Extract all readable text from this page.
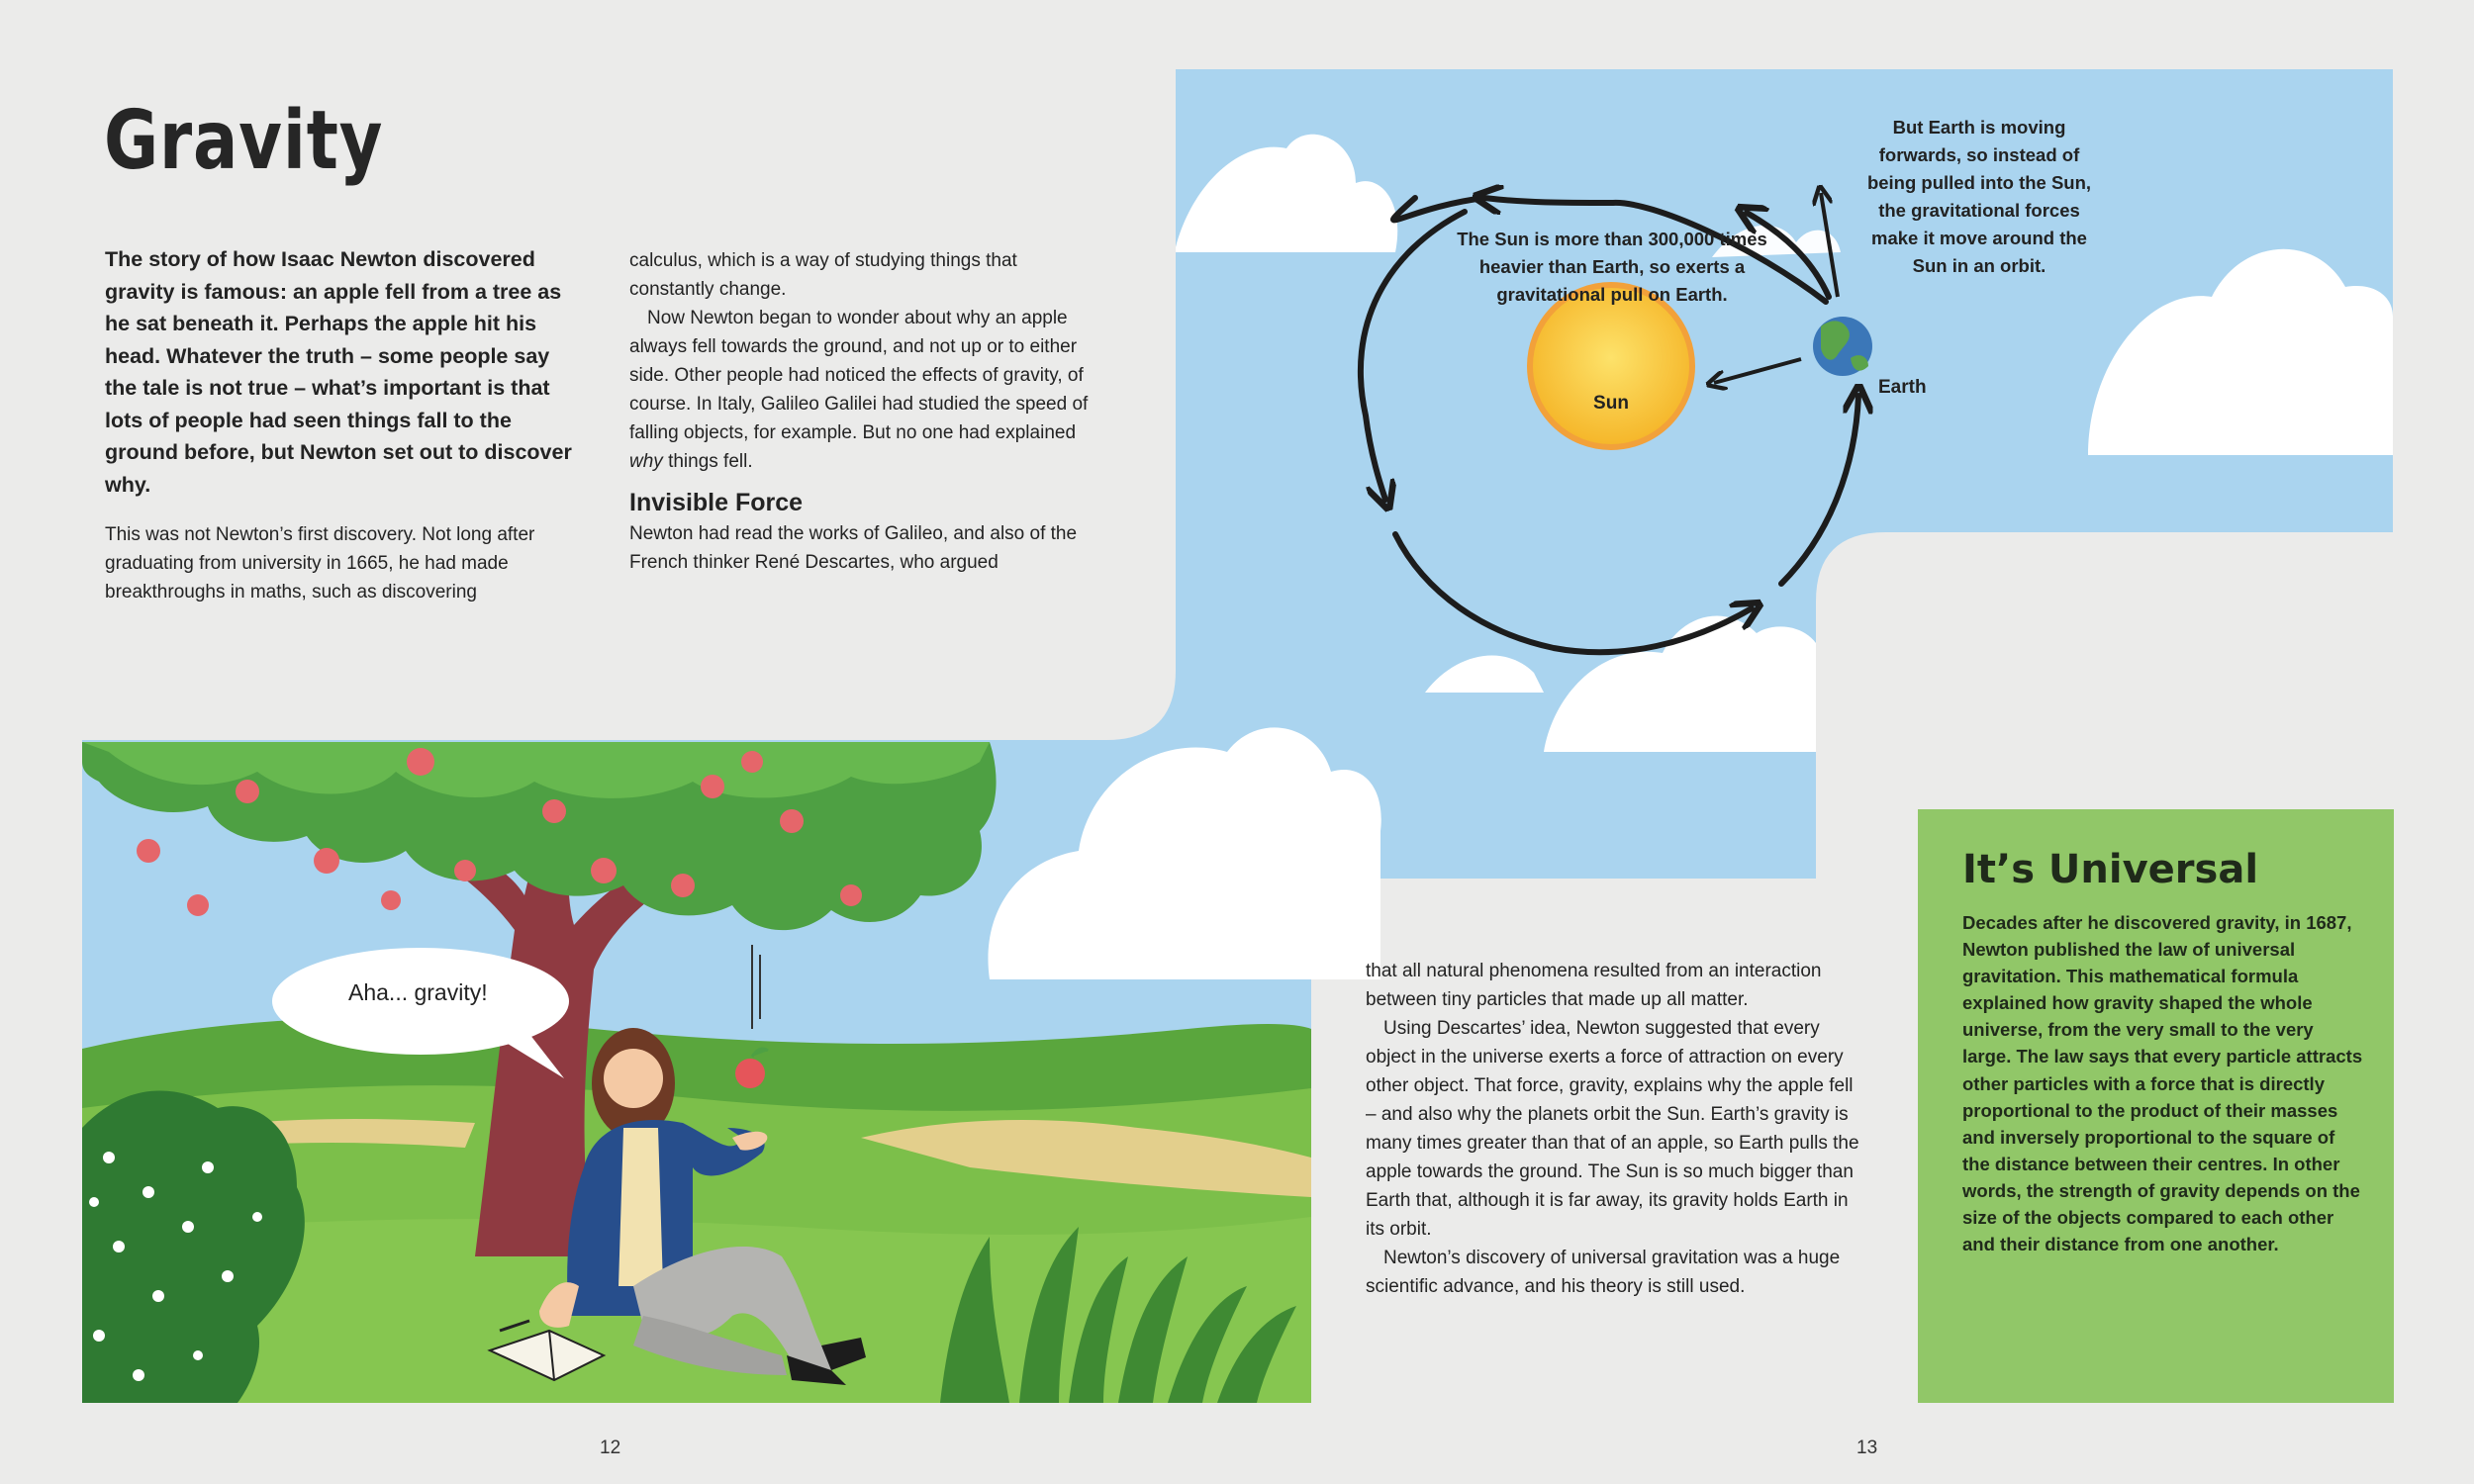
Gravity

The story of how Isaac Newton discovered gravity is famous: an apple fell from a tree as he sat beneath it. Perhaps the apple hit his head. Whatever the truth – some people say the tale is not true – what’s important is that lots of people had seen things fall to the ground before, but Newton set out to discover why.

This was not Newton’s first discovery. Not long after graduating from university in 1665, he had made breakthroughs in maths, such as discovering

calculus, which is a way of studying things that constantly change.

Now Newton began to wonder about why an apple always fell towards the ground, and not up or to either side. Other people had noticed the effects of gravity, of course. In Italy, Galileo Galilei had studied the speed of falling objects, for example. But no one had explained why things fell.

Invisible Force

Newton had read the works of Galileo, and also of the French thinker René Descartes, who argued

The Sun is more than 300,000 times heavier than Earth, so exerts a gravitational pull on Earth.
But Earth is moving forwards, so instead of being pulled into the Sun, the gravitational forces make it move around the Sun in an orbit.
Sun
Earth
Aha... gravity!

that all natural phenomena resulted from an interaction between tiny particles that made up all matter.

Using Descartes’ idea, Newton suggested that every object in the universe exerts a force of attraction on every other object. That force, gravity, explains why the apple fell – and also why the planets orbit the Sun. Earth’s gravity is many times greater than that of an apple, so Earth pulls the apple towards the ground. The Sun is so much bigger than Earth that, although it is far away, its gravity holds Earth in its orbit.

Newton’s discovery of universal gravitation was a huge scientific advance, and his theory is still used.

It’s Universal

Decades after he discovered gravity, in 1687, Newton published the law of universal gravitation. This mathematical formula explained how gravity shaped the whole universe, from the very small to the very large. The law says that every particle attracts other particles with a force that is directly proportional to the product of their masses and inversely proportional to the square of the distance between their centres. In other words, the strength of gravity depends on the size of the objects compared to each other and their distance from one another.

12	13
